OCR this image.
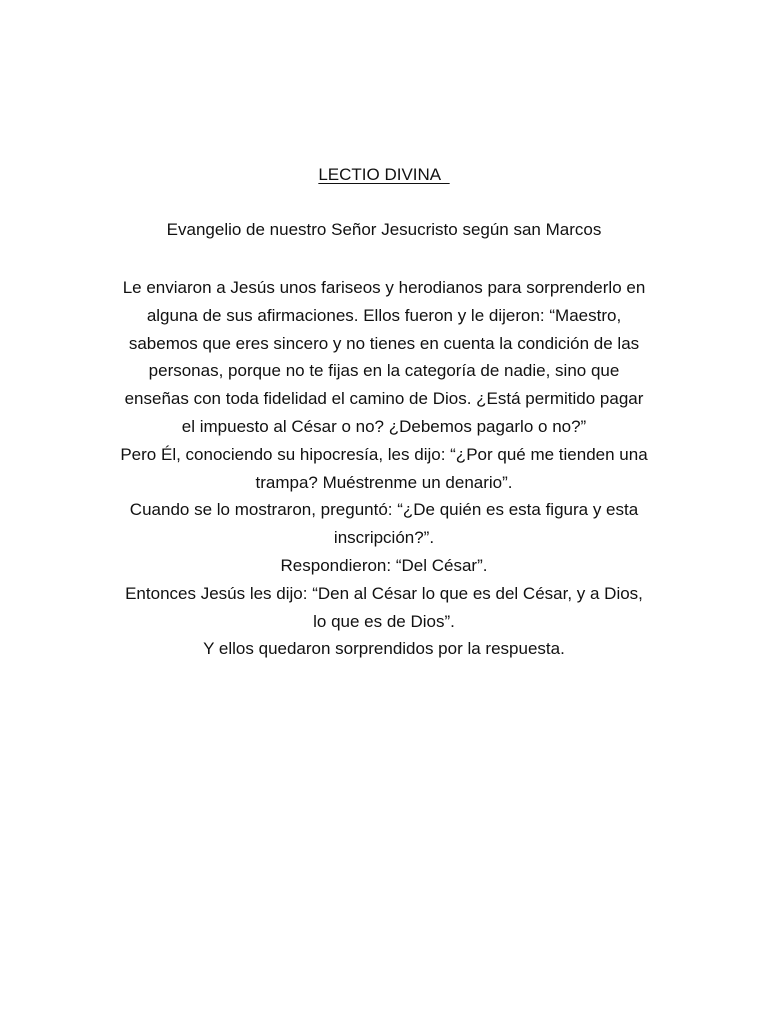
LECTIO DIVINA
Evangelio de nuestro Señor Jesucristo según san Marcos
Le enviaron a Jesús unos fariseos y herodianos para sorprenderlo en
alguna de sus afirmaciones. Ellos fueron y le dijeron: “Maestro,
sabemos que eres sincero y no tienes en cuenta la condición de las
personas, porque no te fijas en la categoría de nadie, sino que
enseñas con toda fidelidad el camino de Dios. ¿Está permitido pagar
el impuesto al César o no? ¿Debemos pagarlo o no?”
Pero Él, conociendo su hipocresía, les dijo: “¿Por qué me tienden una
trampa? Muéstrenme un denario”.
Cuando se lo mostraron, preguntó: “¿De quién es esta figura y esta
inscripción?”.
Respondieron: “Del César”.
Entonces Jesús les dijo: “Den al César lo que es del César, y a Dios,
lo que es de Dios”.
Y ellos quedaron sorprendidos por la respuesta.
